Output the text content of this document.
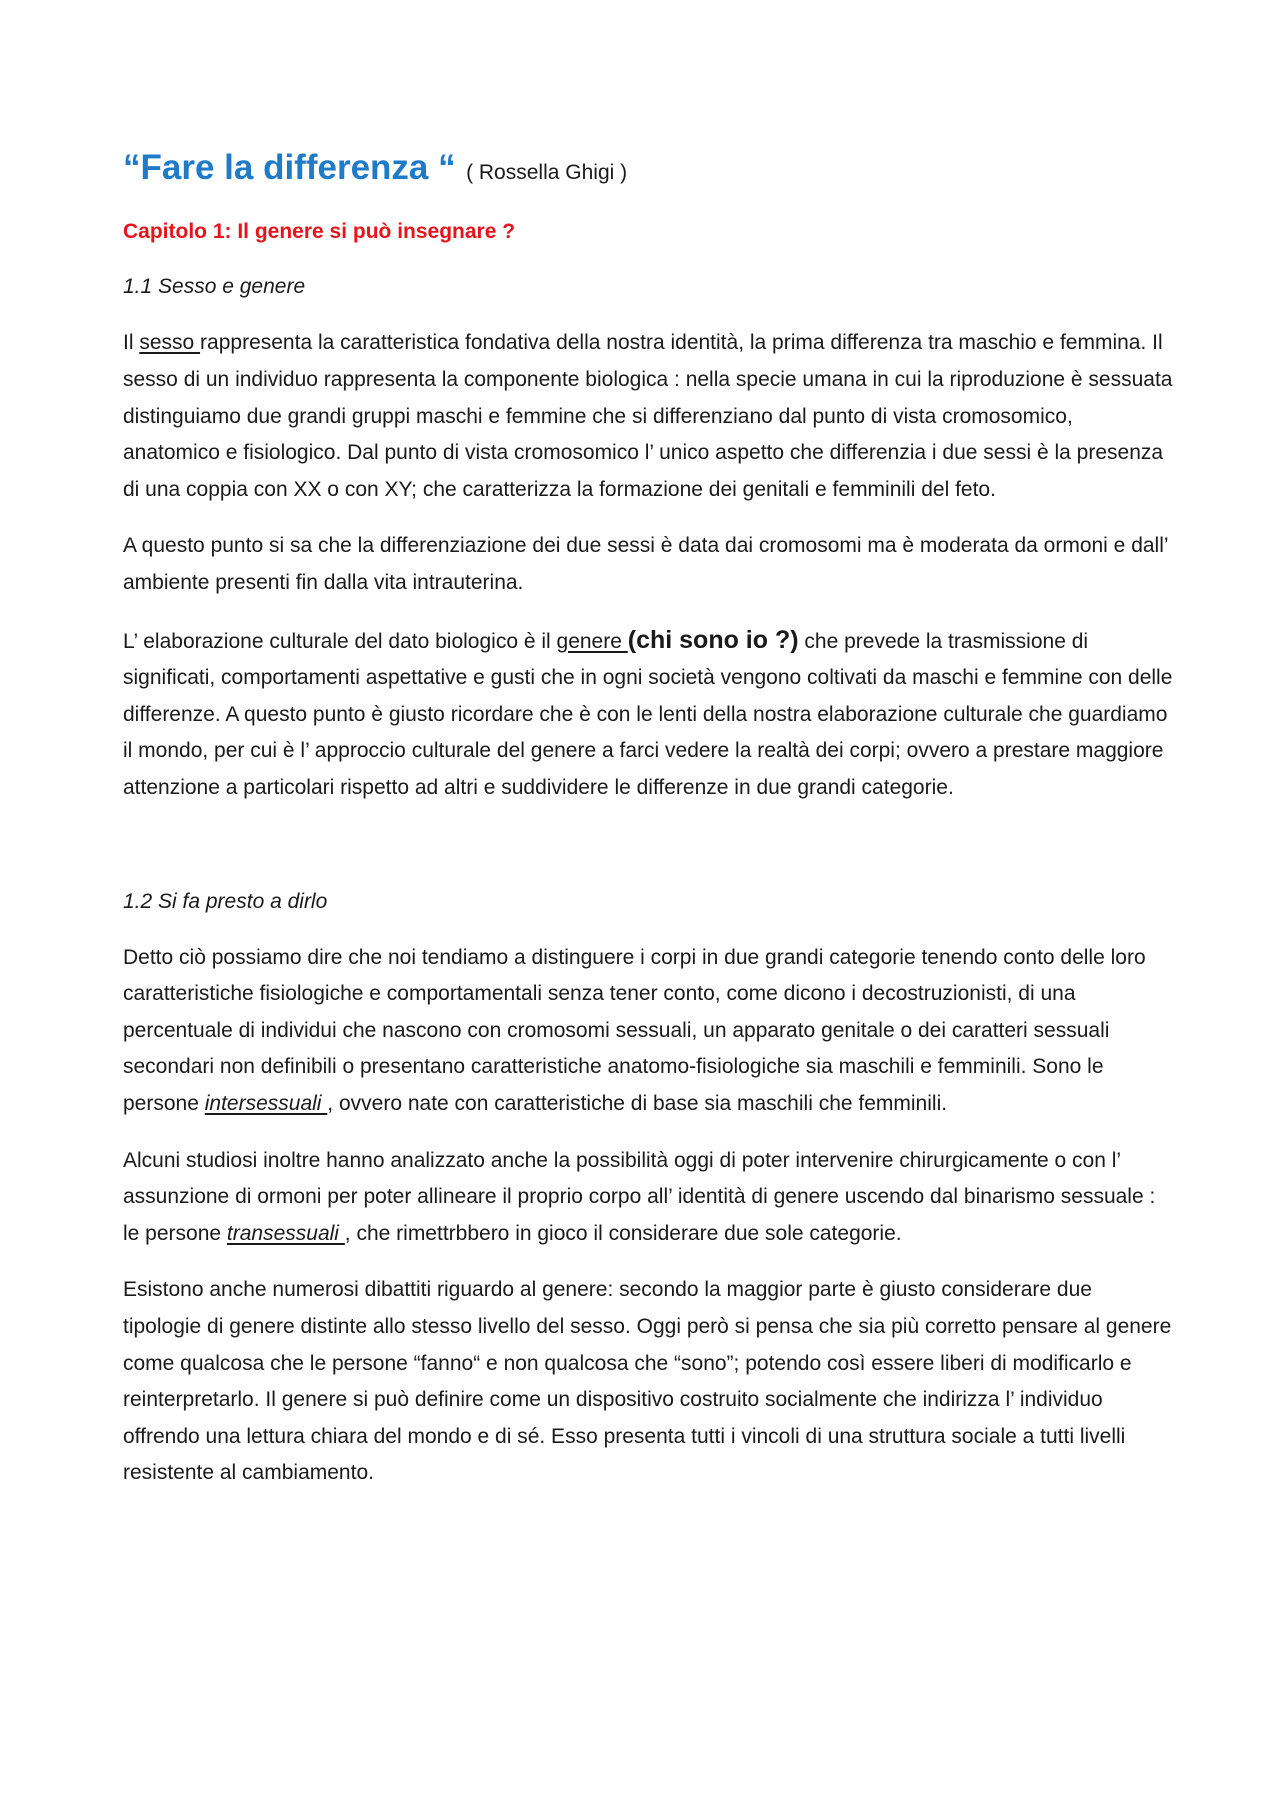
“Fare la differenza “ ( Rossella Ghigi )
Capitolo 1: Il genere si può insegnare ?
1.1 Sesso e genere

Il sesso rappresenta la caratteristica fondativa della nostra identità, la prima differenza tra maschio e femmina. Il sesso di un individuo rappresenta la componente biologica : nella specie umana in cui la riproduzione è sessuata distinguiamo due grandi gruppi maschi e femmine che si differenziano dal punto di vista cromosomico, anatomico e fisiologico. Dal punto di vista cromosomico l’ unico aspetto che differenzia i due sessi è la presenza di una coppia con XX o con XY; che caratterizza la formazione dei genitali e femminili del feto.

A questo punto si sa che la differenziazione dei due sessi è data dai cromosomi ma è moderata da ormoni e dall’ ambiente presenti fin dalla vita intrauterina.

L’ elaborazione culturale del dato biologico è il genere (chi sono io ?) che prevede la trasmissione di significati, comportamenti aspettative e gusti che in ogni società vengono coltivati da maschi e femmine con delle differenze. A questo punto è giusto ricordare che è con le lenti della nostra elaborazione culturale che guardiamo il mondo, per cui è l’ approccio culturale del genere a farci vedere la realtà dei corpi; ovvero a prestare maggiore attenzione a particolari rispetto ad altri e suddividere le differenze in due grandi categorie.

1.2 Si fa presto a dirlo

Detto ciò possiamo dire che noi tendiamo a distinguere i corpi in due grandi categorie tenendo conto delle loro caratteristiche fisiologiche e comportamentali senza tener conto, come dicono i decostruzionisti, di una percentuale di individui che nascono con cromosomi sessuali, un apparato genitale o dei caratteri sessuali secondari non definibili o presentano caratteristiche anatomo-fisiologiche sia maschili e femminili. Sono le persone intersessuali , ovvero nate con caratteristiche di base sia maschili che femminili.

Alcuni studiosi inoltre hanno analizzato anche la possibilità oggi di poter intervenire chirurgicamente o con l’ assunzione di ormoni per poter allineare il proprio corpo all’ identità di genere uscendo dal binarismo sessuale : le persone transessuali , che rimettrbbero in gioco il considerare due sole categorie.

Esistono anche numerosi dibattiti riguardo al genere: secondo la maggior parte è giusto considerare due tipologie di genere distinte allo stesso livello del sesso. Oggi però si pensa che sia più corretto pensare al genere come qualcosa che le persone “fanno“ e non qualcosa che “sono”; potendo così essere liberi di modificarlo e reinterpretarlo. Il genere si può definire come un dispositivo costruito socialmente che indirizza l’ individuo offrendo una lettura chiara del mondo e di sé. Esso presenta tutti i vincoli di una struttura sociale a tutti livelli resistente al cambiamento.
